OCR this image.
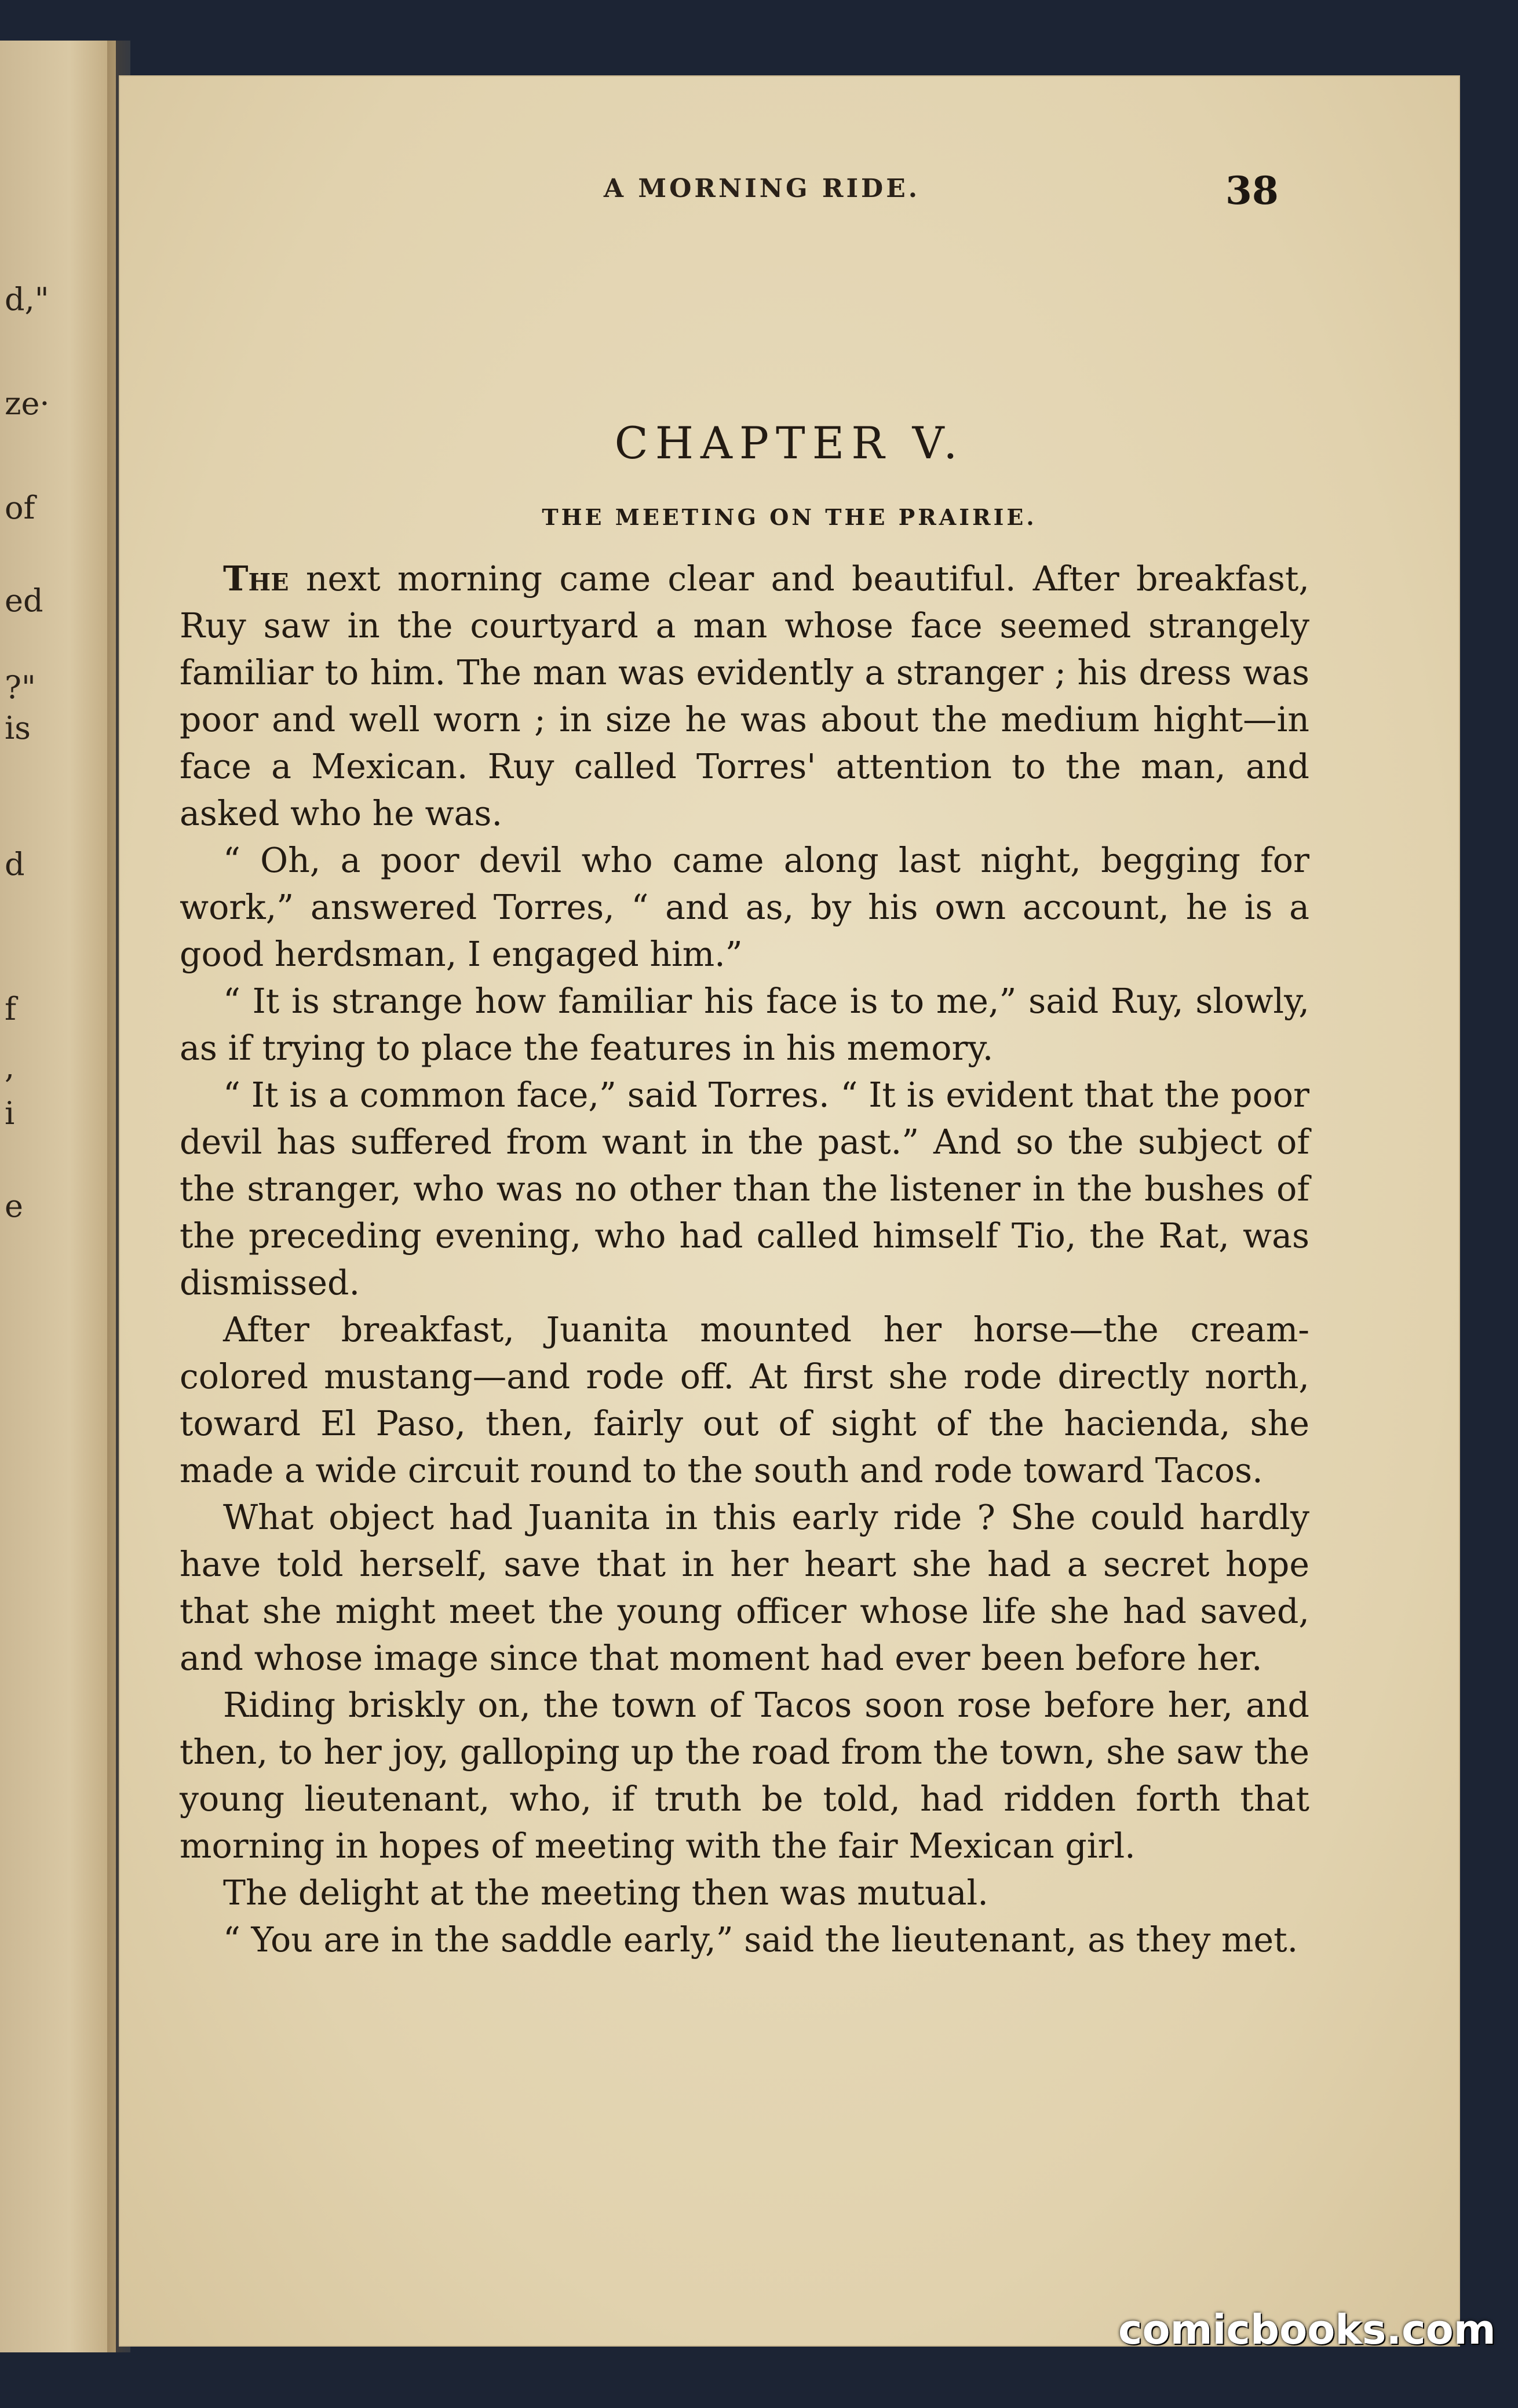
d,"
ze·
of
ed
?"
is
d
f
,
i
e
A MORNING RIDE.	38
CHAPTER V.
THE MEETING ON THE PRAIRIE.

The next morning came clear and beautiful. After breakfast, Ruy saw in the courtyard a man whose face seemed strangely familiar to him. The man was evidently a stranger ; his dress was poor and well worn ; in size he was about the medium hight—in face a Mexican. Ruy called Torres' attention to the man, and asked who he was.

“ Oh, a poor devil who came along last night, begging for work,” answered Torres, “ and as, by his own account, he is a good herdsman, I engaged him.”

“ It is strange how familiar his face is to me,” said Ruy, slowly, as if trying to place the features in his memory.

“ It is a common face,” said Torres. “ It is evident that the poor devil has suffered from want in the past.” And so the subject of the stranger, who was no other than the listener in the bushes of the preceding evening, who had called himself Tio, the Rat, was dismissed.

After breakfast, Juanita mounted her horse—the cream-colored mustang—and rode off. At first she rode directly north, toward El Paso, then, fairly out of sight of the hacienda, she made a wide circuit round to the south and rode toward Tacos.

What object had Juanita in this early ride ? She could hardly have told herself, save that in her heart she had a secret hope that she might meet the young officer whose life she had saved, and whose image since that moment had ever been before her.

Riding briskly on, the town of Tacos soon rose before her, and then, to her joy, galloping up the road from the town, she saw the young lieutenant, who, if truth be told, had ridden forth that morning in hopes of meeting with the fair Mexican girl.

The delight at the meeting then was mutual.

“ You are in the saddle early,” said the lieutenant, as they met.

comicbooks.com
